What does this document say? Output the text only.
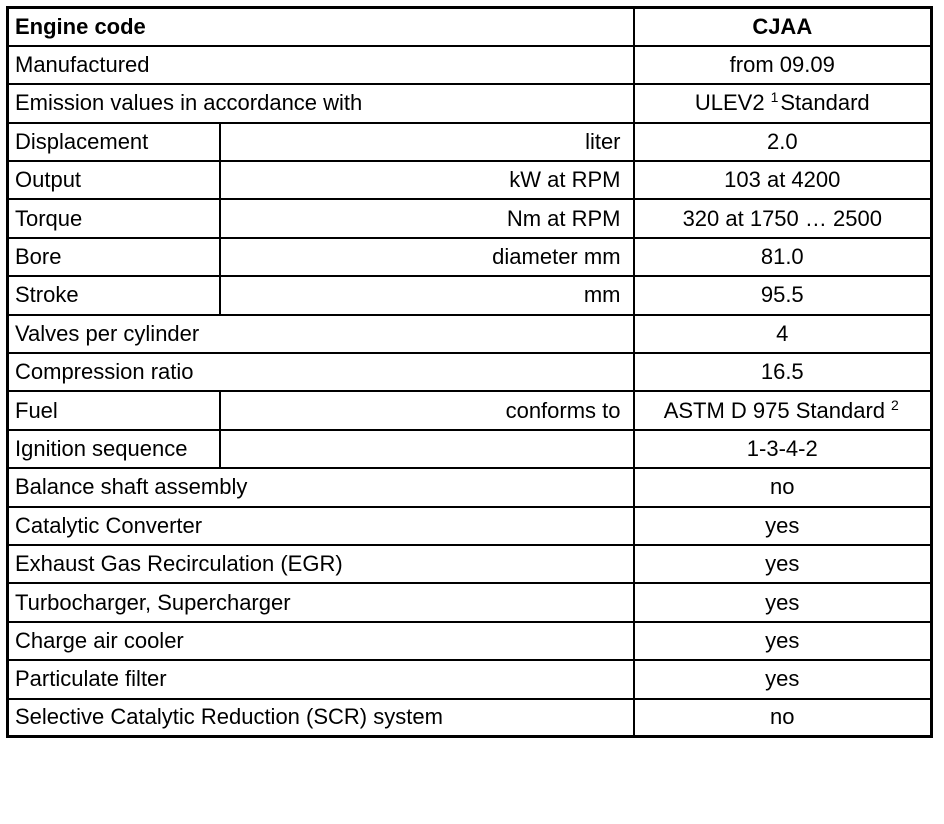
Engine code		CJAA
Manufactured		from 09.09
Emission values in accordance with		ULEV2 $^1$Standard
Displacement	liter	2.0
Output	kW at RPM	103 at 4200
Torque	Nm at RPM	320 at 1750 … 2500
Bore	diameter mm	81.0
Stroke	mm	95.5
Valves per cylinder		4
Compression ratio		16.5
Fuel	conforms to	ASTM D 975 Standard $^2$
Ignition sequence		1-3-4-2
Balance shaft assembly		no
Catalytic Converter		yes
Exhaust Gas Recirculation (EGR)		yes
Turbocharger, Supercharger		yes
Charge air cooler		yes
Particulate filter		yes
Selective Catalytic Reduction (SCR) system		no
